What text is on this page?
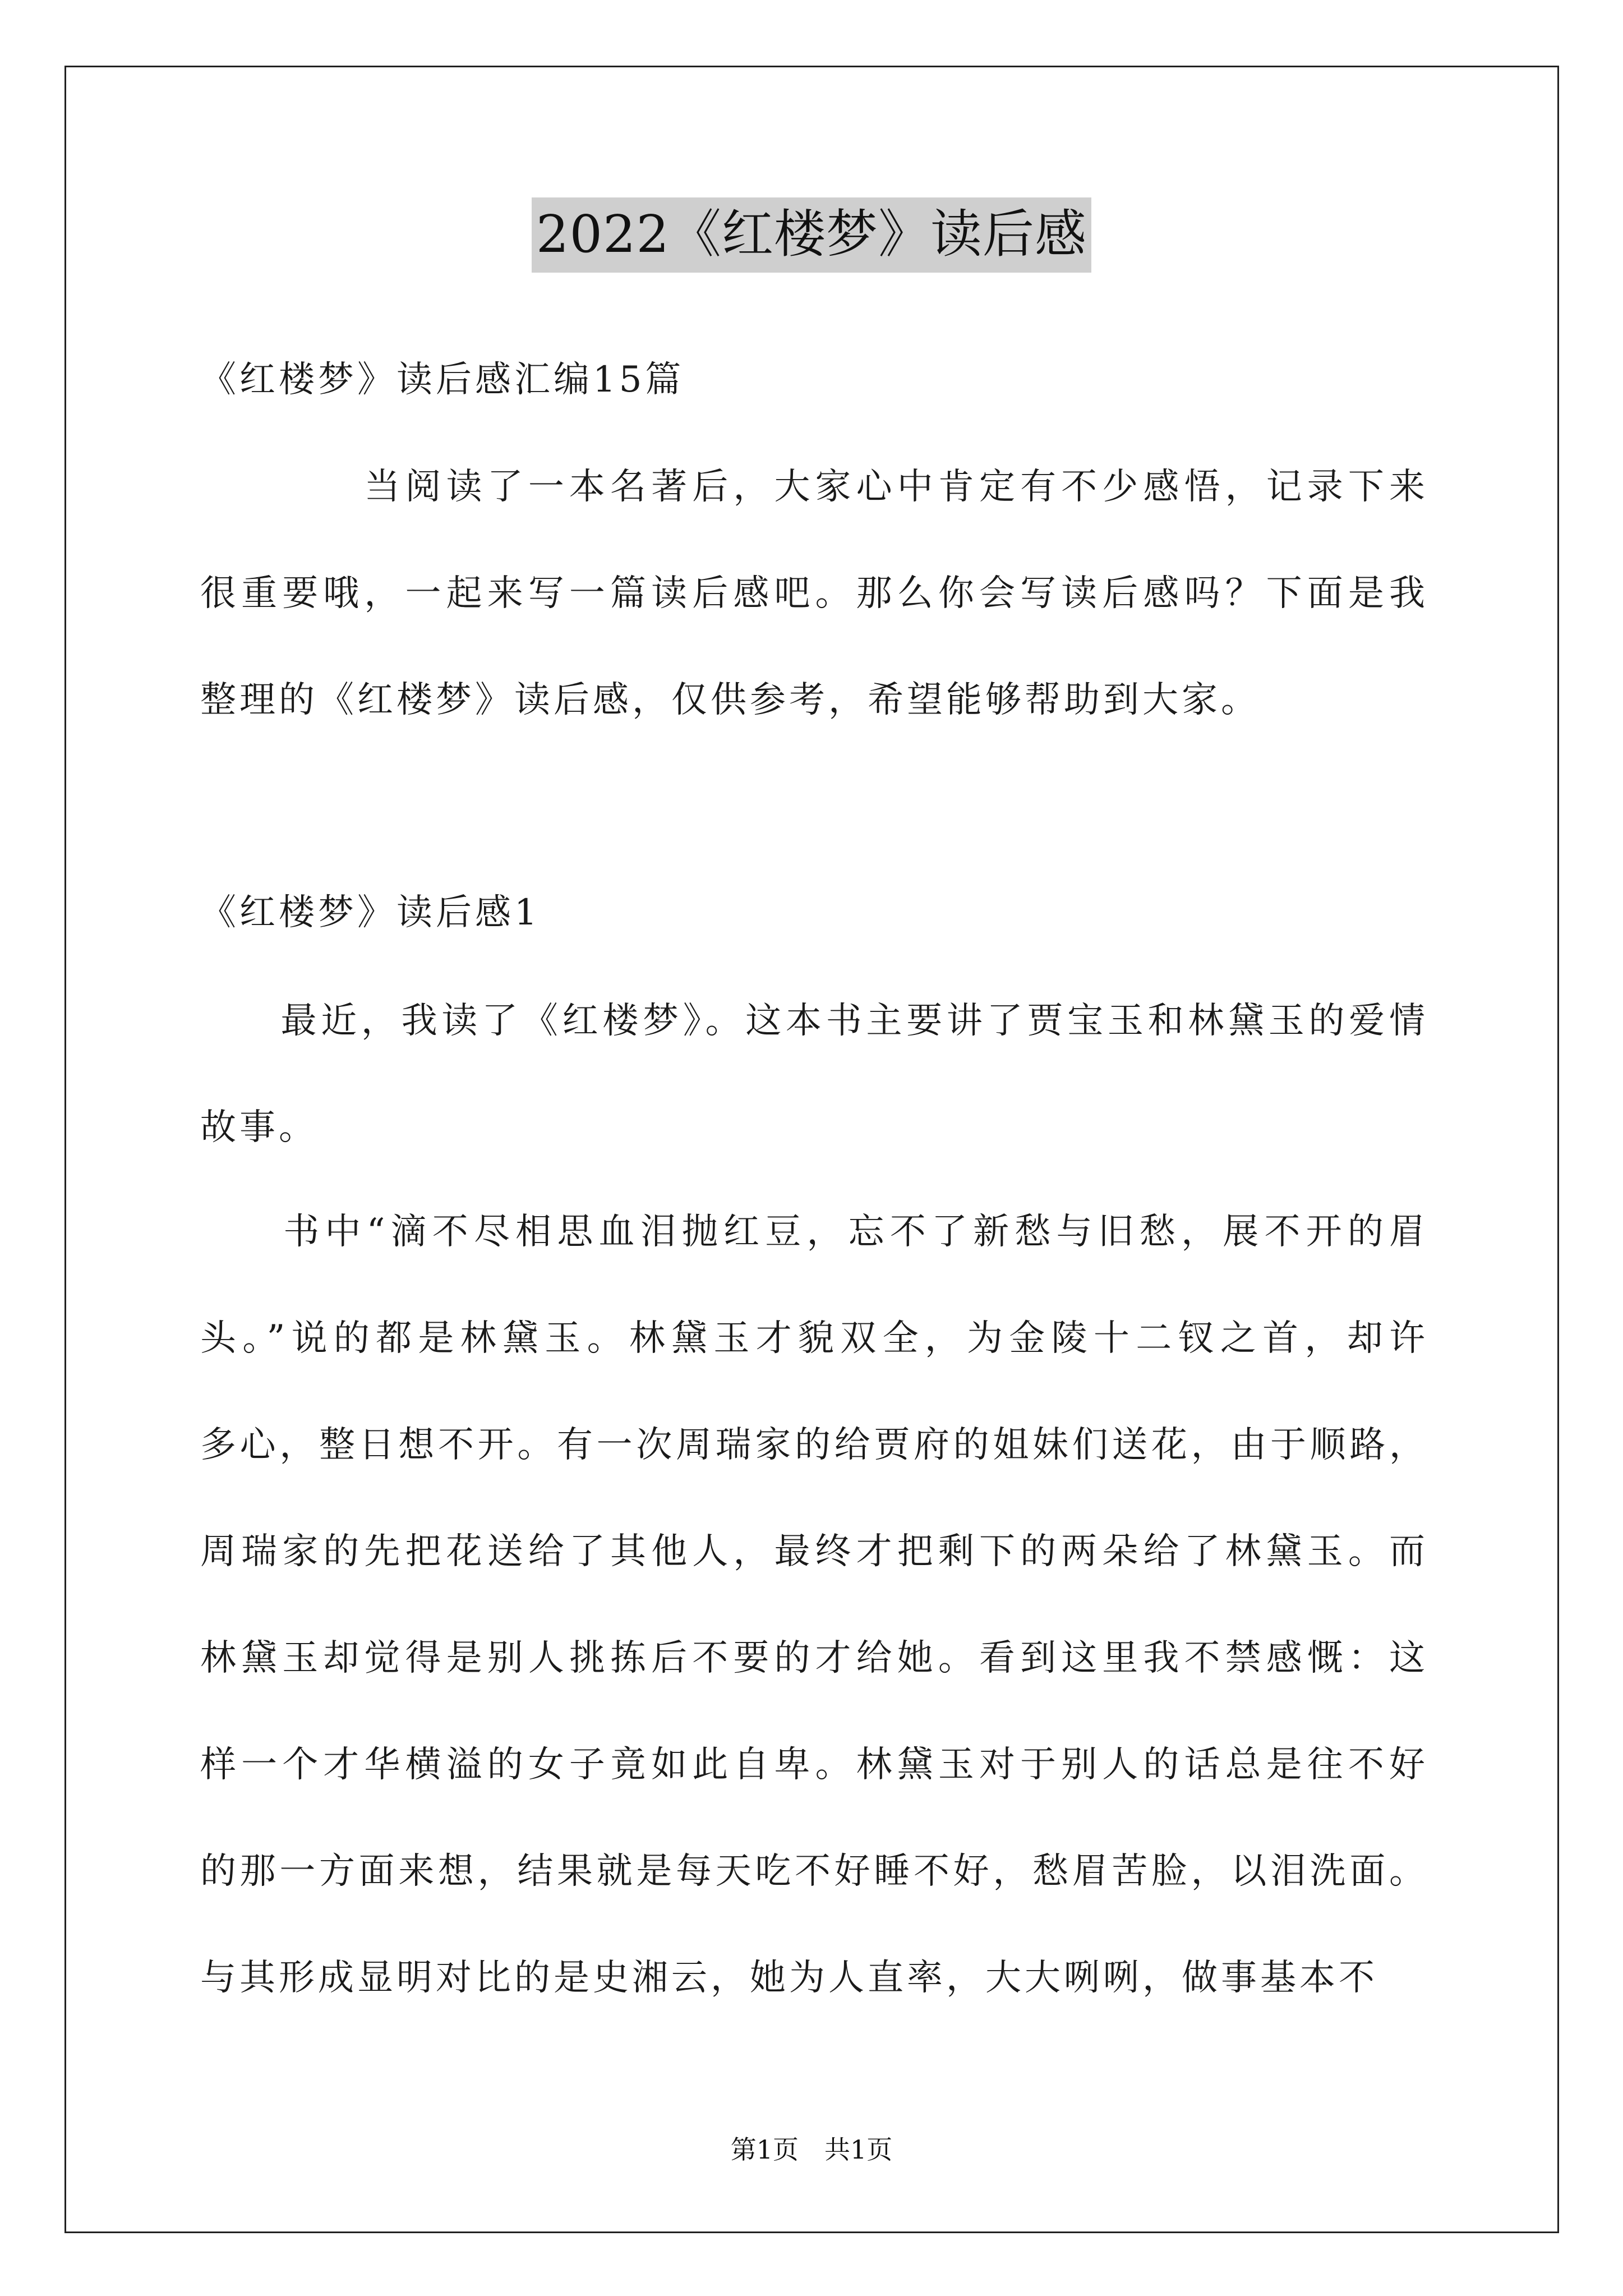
2022《红楼梦》读后感

《红楼梦》读后感汇编15篇

　　　　当阅读了一本名著后，大家心中肯定有不少感悟，记录下来
很重要哦，一起来写一篇读后感吧。那么你会写读后感吗？下面是我
整理的《红楼梦》读后感，仅供参考，希望能够帮助到大家。

《红楼梦》读后感1

　　最近，我读了《红楼梦》。这本书主要讲了贾宝玉和林黛玉的爱情
故事。
　　书中“滴不尽相思血泪抛红豆，忘不了新愁与旧愁，展不开的眉
头。”说的都是林黛玉。林黛玉才貌双全，为金陵十二钗之首，却许
多心，整日想不开。有一次周瑞家的给贾府的姐妹们送花，由于顺路，
周瑞家的先把花送给了其他人，最终才把剩下的两朵给了林黛玉。而
林黛玉却觉得是别人挑拣后不要的才给她。看到这里我不禁感慨：这
样一个才华横溢的女子竟如此自卑。林黛玉对于别人的话总是往不好
的那一方面来想，结果就是每天吃不好睡不好，愁眉苦脸，以泪洗面。
与其形成显明对比的是史湘云，她为人直率，大大咧咧，做事基本不
第1页　共1页
